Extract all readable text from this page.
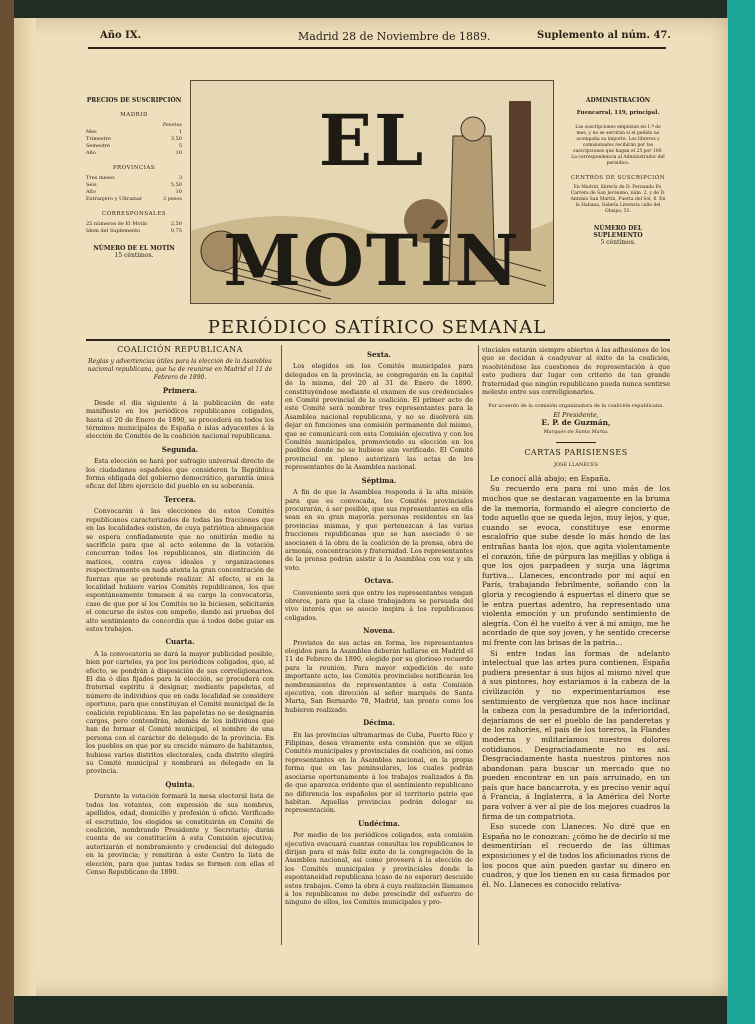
Año IX.	Madrid 28 de Noviembre de 1889.	Suplemento al núm. 47.
PRECIOS DE SUSCRIPCIÓN
MADRID
Pesetas
Mes	1
Trimestre	3,50
Semestre	5
Año	10
PROVINCIAS
Tres meses	3
Seis	5,50
Año	10
Extranjero y Ultramar	3 pesos
CORRESPONSALES
25 números de El Motín	2,50
Idem del Suplemento	0,75
NÚMERO DE EL MOTÍN
15 céntimos.
EL MOTÍN
ADMINISTRACIÓN
Fuencarral, 119, principal.
Las suscripciones empiezan en 1.º de mes, y no se servirán si el pedido no acompaña su importe. Los libreros y comisionados recibirán por las suscripciones que hagan el 25 por 100. La correspondencia al Administrador del periódico.
CENTROS DE SUSCRIPCIÓN
En Madrid, librería de D. Fernando Fe, Carrera de San Jerónimo, núm. 2, y de D. Antonio San Martín, Puerta del Sol, 6. En la Habana, Galería Literaria calle del Obispo, 55.
NÚMERO DEL SUPLEMENTO
5 céntimos.
PERIÓDICO SATÍRICO SEMANAL
COALICIÓN REPUBLICANA
Reglas y advertencias útiles para la elección de la Asamblea nacional republicana, que ha de reunirse en Madrid el 11 de Febrero de 1890.
Primera.

Desde el día siguiente á la publicación de este manifiesto en los periódicos republicanos coligados, hasta el 20 de Enero de 1890, se procederá en todos los términos municipales de España ó islas adyacentes á la elección de Comités de la coalición nacional republicana.

Segunda.

Esta elección se hará por sufragio universal directo de los ciudadanos españoles que consideren la República forma obligada del gobierno democrático, garantía única eficaz del libre ejercicio del pueblo en su soberanía.

Tercera.

Convocarán á las elecciones de estos Comités republicanos caracterizados de todas las fracciones que en las localidades existen, de cuya patriótica abnegación se espera confiadamente que no omitirán medio ni sacrificio para que al acto solemne de la votación concurran todos los republicanos, sin distinción de matices, contra cuyos ideales y organizaciones respectivamente en nada atenta la gran concentración de fuerzas que se pretende realizar. Al efecto, si en la localidad hubiere varios Comités republicanos, los que espontáneamente tomasen á su cargo la convocatoria, caso de que por sí los Comités no la hiciesen, solicitarán el concurso de éstos con empeño, dando así pruebas del alto sentimiento de concordia que á todos debe guiar en estos trabajos.

Cuarta.

A la convocatoria se dará la mayor publicidad posible, bien por carteles, ya por los periódicos coligados, que, al efecto, se pondrán á disposición de sus correligionarios. El día ó días fijados para la elección, se procederá con fraternal espíritu á designar, mediante papeletas, el número de individuos que en cada localidad se considere oportuno, para que constituyan el Comité municipal de la coalición republicana. En las papeletas no se designarán cargos, pero contendrán, además de los individuos que han de formar el Comité municipal, el nombre de una persona con el carácter de delegado de la provincia. En los pueblos en que por su crecido número de habitantes, hubiese varios distritos electorales, cada distrito elegirá su Comité municipal y nombrará su delegado en la provincia.

Quinta.

Durante la votación formará la mesa electoral lista de todos los votantes, con expresión de sus nombres, apellidos, edad, domicilio y profesión ú oficio. Verificado el escrutinio, los elegidos se constituirán en Comité de coalición, nombrando Presidente y Secretario; darán cuenta de su constitución á esta Comisión ejecutiva; autorizarán el nombramiento y credencial del delegado en la provincia; y remitirán á este Centro la lista de elección, para que juntas todas se formen con ellas el Censo Republicano de 1890.

Sexta.

Los elegidos en los Comités municipales para delegados en la provincia, se congregarán en la capital de la misma, del 20 al 31 de Enero de 1890, constituyéndose mediante el examen de sus credenciales en Comité provincial de la coalición. El primer acto de este Comité será nombrar tres representantes para la Asamblea nacional republicana, y no se disolverá sin dejar en funciones una comisión permanente del mismo, que se comunicará con esta Comisión ejecutiva y con los Comités municipales, promoviendo su elección en los pueblos donde no se hubiese aún verificado. El Comité provincial en pleno autorizará las actas de los representantes de la Asamblea nacional.

Séptima.

A fin de que la Asamblea responda á la alta misión para que es convocada, los Comités provinciales procurarán, á ser posible, que sus representantes en ella sean en su gran mayoría personas residentes en las provincias mismas, y que pertenezcan á las varias fracciones republicanas que se han asociado ó se asociasen á la obra de la coalición de la prensa, obra de armonía, concentración y fraternidad. Los representantes de la prensa podrán asistir á la Asamblea con voz y sin voto.

Octava.

Conveniente será que entre los representantes vengan obreros, para que la clase trabajadora se persuada del vivo interés que se asocio inspira á los republicanos coligados.

Novena.

Provistos de sus actas en forma, los representantes elegidos para la Asamblea deberán hallarse en Madrid el 11 de Febrero de 1890, elegido por su glorioso recuerdo para la reunión. Para mayor expedición de este importante acto, los Comités provinciales notificarán los nombramientos de representantes á esta Comisión ejecutiva, con dirección al señor marqués de Santa Marta, San Bernardo 78, Madrid, tan pronto como los hubieren realizado.

Décima.

En las provincias ultramarinas de Cuba, Puerto Rico y Filipinas, desea vivamente esta comisión que se elijan Comités municipales y provinciales de coalición, así como representantes en la Asamblea nacional, en la propia forma que en las peninsulares, los cuales podrán asociarse oportunamente á los trabajos realizados á fin de que aparezca evidente que el sentimiento republicano no diferencia los españoles por el territorio patrio que habitan. Aquellas provincias podrán delegar su representación.

Undécima.

Por medio de los periódicos coligados, esta comisión ejecutiva evacuará cuantas consultas los republicanos le dirijan para el más feliz éxito de la congregación de la Asamblea nacional, así como proveerá á la elección de los Comités municipales y provinciales donde la espontaneidad republicana (caso de no esperar) descuide estos trabajos. Como la obra á cuya realización llamamos á los republicanos no debe prescindir del esfuerzo de ninguno de ellos, los Comités municipales y pro-

vinciales estarán siempre abiertos á las adhesiones de los que se decidan á coadyuvar al éxito de la coalición, resolviéndose las cuestiones de representación á que esto pudiera dar lugar con criterio de tan grande fraternidad que ningún republicano pueda nunca sentirse molesto entre sus correligionarios.

Por acuerdo de la comisión organizadora de la coalición republicana.
El Presidente,
E. P. de Guzmán,
Marqués de Santa Marta.
CARTAS PARISIENSES
JOSÉ LLANECES

Le conocí allá abajo; en España.

Su recuerdo era para mí uno más de los muchos que se destacan vagamente en la bruma de la memoria, formando el alegre concierto de todo aquello que se queda lejos, muy lejos, y que, cuando se evoca, constituye ese enorme escalofrío que sube desde lo más hondo de las entrañas hasta los ojos, que agita violentamente el corazón, tiñe de púrpura las mejillas y obliga á que los ojos parpadeen y surja una lágrima furtiva... Llaneces, encontrado por mí aquí en París, trabajando febrilmente, soñando con la gloria y recogiendo á espuertas el dinero que se le entra puertas adentro, ha representado una violenta emoción y un profundo sentimiento de alegría. Con él he vuelto á ver á mi amigo, me he acordado de que soy joven, y he sentido crecerse mi frente con las brisas de la patria...

Si entre todas las formas de adelanto intelectual que las artes pura contienen, España pudiera presentar á sus hijos al mismo nivel que á sus pintores, hoy estaríamos á la cabeza de la civilización y no experimentaríamos ese sentimiento de vergüenza que nos hace inclinar la cabeza con la pesadumbre de la inferioridad, dejaríamos de ser el pueblo de las panderetas y de los zahoríes, el país de los toreros, la Flandes moderna y militaríamos nuestros dolores cotidianos. Desgraciadamente no es así. Desgraciadamente hasta nuestros pintores nos abandonan para buscar un mercado que no pueden encontrar en un país arruinado, en un país que hace bancarrota, y es preciso venir aquí á Francia, á Inglaterra, á la América del Norte para volver á ver al pie de los mejores cuadros la firma de un compatriota.

Eso sucede con Llaneces. No diré que en España no le conozcan: ¿cómo he de decirlo si me desmentirían el recuerdo de las últimas exposiciones y el de todos los aficionados ricos de los pocos que aún pueden gastar su dinero en cuadros, y que los tienen en su casa firmados por él. No. Llaneces es conocido relativa-
